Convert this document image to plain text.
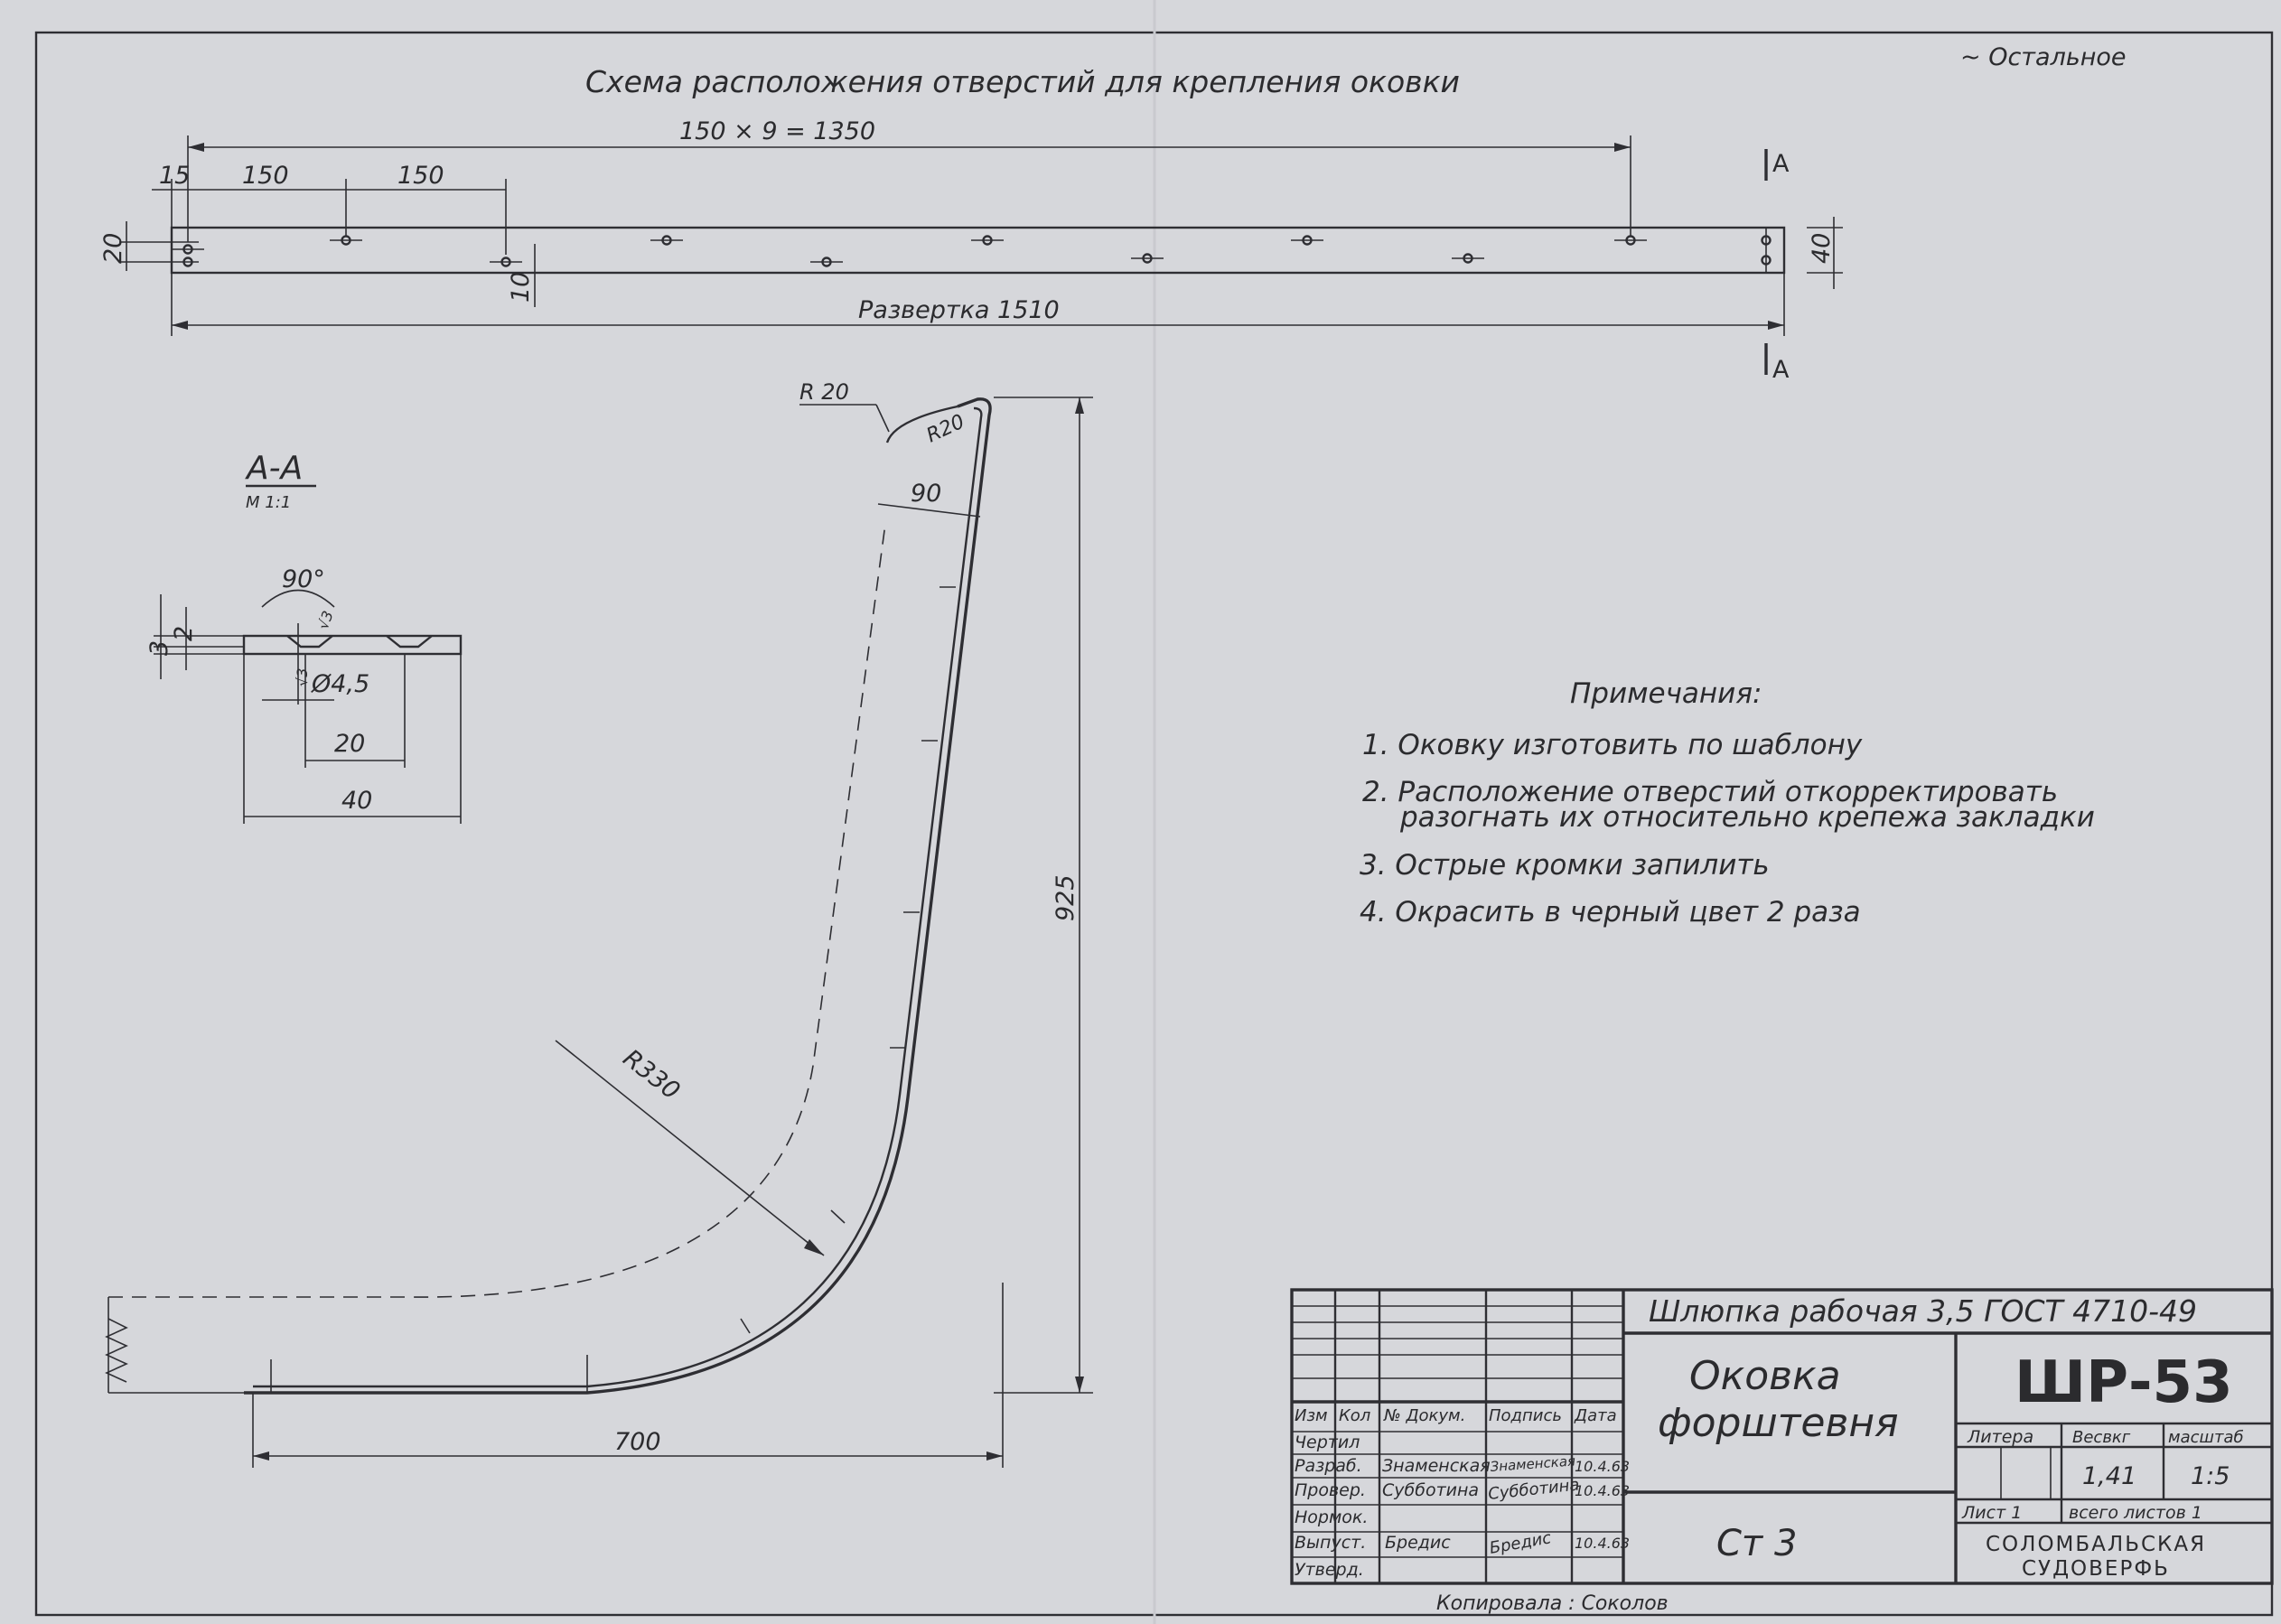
~ Остальное
Схема расположения отверстий для крепления оковки
150 × 9 = 1350
15 150	150
20
10
40
A
A
Развертка 1510
А-А
М 1:1
90°
3
2
√3
√3 Ø4,5
20
40
925
700
R330
90
R 20
R20
Примечания:
1. Оковку изготовить по шаблону
2. Расположение отверстий откорректировать
разогнать их относительно крепежа закладки
3. Острые кромки запилить
4. Окрасить в черный цвет 2 раза
Изм Кол № Докум. Подпись Дата
Чертил
Разраб.
Провер.
Нормок.
Выпуст.
Утверд.
Знаменская
Субботина
Бредис
Знаменская
Субботина
Бредис
10.4.63
10.4.63
10.4.63
Шлюпка рабочая 3,5 ГОСТ 4710-49
Оковка
форштевня
Ст 3
ШР-53
Литера Весвкг масштаб
1,41 1:5
Лист 1	всего листов 1
СОЛОМБАЛЬСКАЯ
СУДОВЕРФЬ
Копировала : Соколов
